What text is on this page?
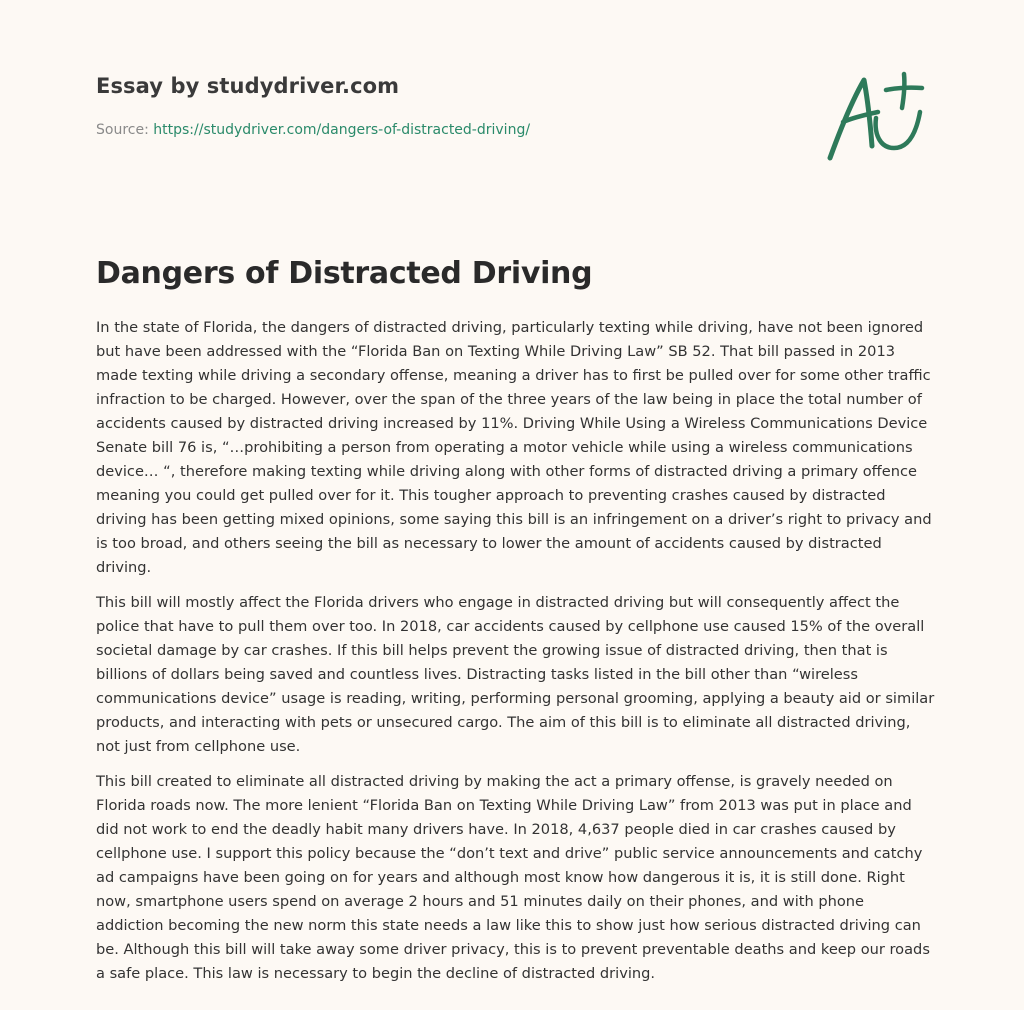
Essay by studydriver.com
Source: https://studydriver.com/dangers-of-distracted-driving/
Dangers of Distracted Driving

In the state of Florida, the dangers of distracted driving, particularly texting while driving, have not been ignored but have been addressed with the “Florida Ban on Texting While Driving Law” SB 52. That bill passed in 2013 made texting while driving a secondary offense, meaning a driver has to first be pulled over for some other traffic infraction to be charged. However, over the span of the three years of the law being in place the total number of accidents caused by distracted driving increased by 11%. Driving While Using a Wireless Communications Device Senate bill 76 is, “…prohibiting a person from operating a motor vehicle while using a wireless communications device… “, therefore making texting while driving along with other forms of distracted driving a primary offence meaning you could get pulled over for it. This tougher approach to preventing crashes caused by distracted driving has been getting mixed opinions, some saying this bill is an infringement on a driver’s right to privacy and is too broad, and others seeing the bill as necessary to lower the amount of accidents caused by distracted driving.

This bill will mostly affect the Florida drivers who engage in distracted driving but will consequently affect the police that have to pull them over too. In 2018, car accidents caused by cellphone use caused 15% of the overall societal damage by car crashes. If this bill helps prevent the growing issue of distracted driving, then that is billions of dollars being saved and countless lives. Distracting tasks listed in the bill other than “wireless communications device” usage is reading, writing, performing personal grooming, applying a beauty aid or similar products, and interacting with pets or unsecured cargo. The aim of this bill is to eliminate all distracted driving, not just from cellphone use.

This bill created to eliminate all distracted driving by making the act a primary offense, is gravely needed on Florida roads now. The more lenient “Florida Ban on Texting While Driving Law” from 2013 was put in place and did not work to end the deadly habit many drivers have. In 2018, 4,637 people died in car crashes caused by cellphone use. I support this policy because the “don’t text and drive” public service announcements and catchy ad campaigns have been going on for years and although most know how dangerous it is, it is still done. Right now, smartphone users spend on average 2 hours and 51 minutes daily on their phones, and with phone addiction becoming the new norm this state needs a law like this to show just how serious distracted driving can be. Although this bill will take away some driver privacy, this is to prevent preventable deaths and keep our roads a safe place. This law is necessary to begin the decline of distracted driving.
